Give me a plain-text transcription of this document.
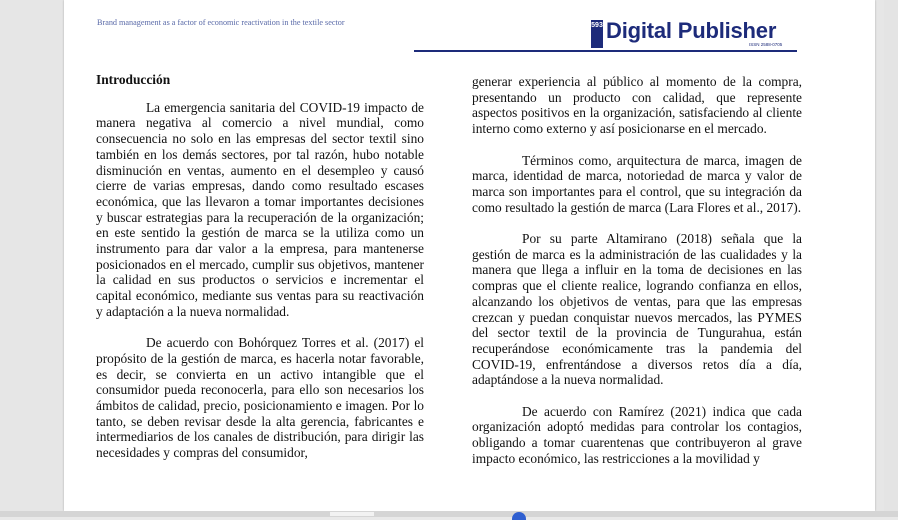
Brand management as a factor of economic reactivation in the textile sector	593 Digital Publisher
ISSN 2588-0705
Introducción

La emergencia sanitaria del COVID-19 impacto de manera negativa al comercio a nivel mundial, como consecuencia no solo en las empresas del sector textil sino también en los demás sectores, por tal razón, hubo notable disminución en ventas, aumento en el desempleo y causó cierre de varias empresas, dando como resultado escases económica, que las llevaron a tomar importantes decisiones y buscar estrategias para la recuperación de la organización; en este sentido la gestión de marca se la utiliza como un instrumento para dar valor a la empresa, para mantenerse posicionados en el mercado, cumplir sus objetivos, mantener la calidad en sus productos o servicios e incrementar el capital económico, mediante sus ventas para su reactivación y adaptación a la nueva normalidad.

De acuerdo con Bohórquez Torres et al. (2017) el propósito de la gestión de marca, es hacerla notar favorable, es decir, se convierta en un activo intangible que el consumidor pueda reconocerla, para ello son necesarios los ámbitos de calidad, precio, posicionamiento e imagen. Por lo tanto, se deben revisar desde la alta gerencia, fabricantes e intermediarios de los canales de distribución, para dirigir las necesidades y compras del consumidor,

generar experiencia al público al momento de la compra, presentando un producto con calidad, que represente aspectos positivos en la organización, satisfaciendo al cliente interno como externo y así posicionarse en el mercado.

Términos como, arquitectura de marca, imagen de marca, identidad de marca, notoriedad de marca y valor de marca son importantes para el control, que su integración da como resultado la gestión de marca (Lara Flores et al., 2017).

Por su parte Altamirano (2018) señala que la gestión de marca es la administración de las cualidades y la manera que llega a influir en la toma de decisiones en las compras que el cliente realice, logrando confianza en ellos, alcanzando los objetivos de ventas, para que las empresas crezcan y puedan conquistar nuevos mercados, las PYMES del sector textil de la provincia de Tungurahua, están recuperándose económicamente tras la pandemia del COVID-19, enfrentándose a diversos retos día a día, adaptándose a la nueva normalidad.

De acuerdo con Ramírez (2021) indica que cada organización adoptó medidas para controlar los contagios, obligando a tomar cuarentenas que contribuyeron al grave impacto económico, las restricciones a la movilidad y
